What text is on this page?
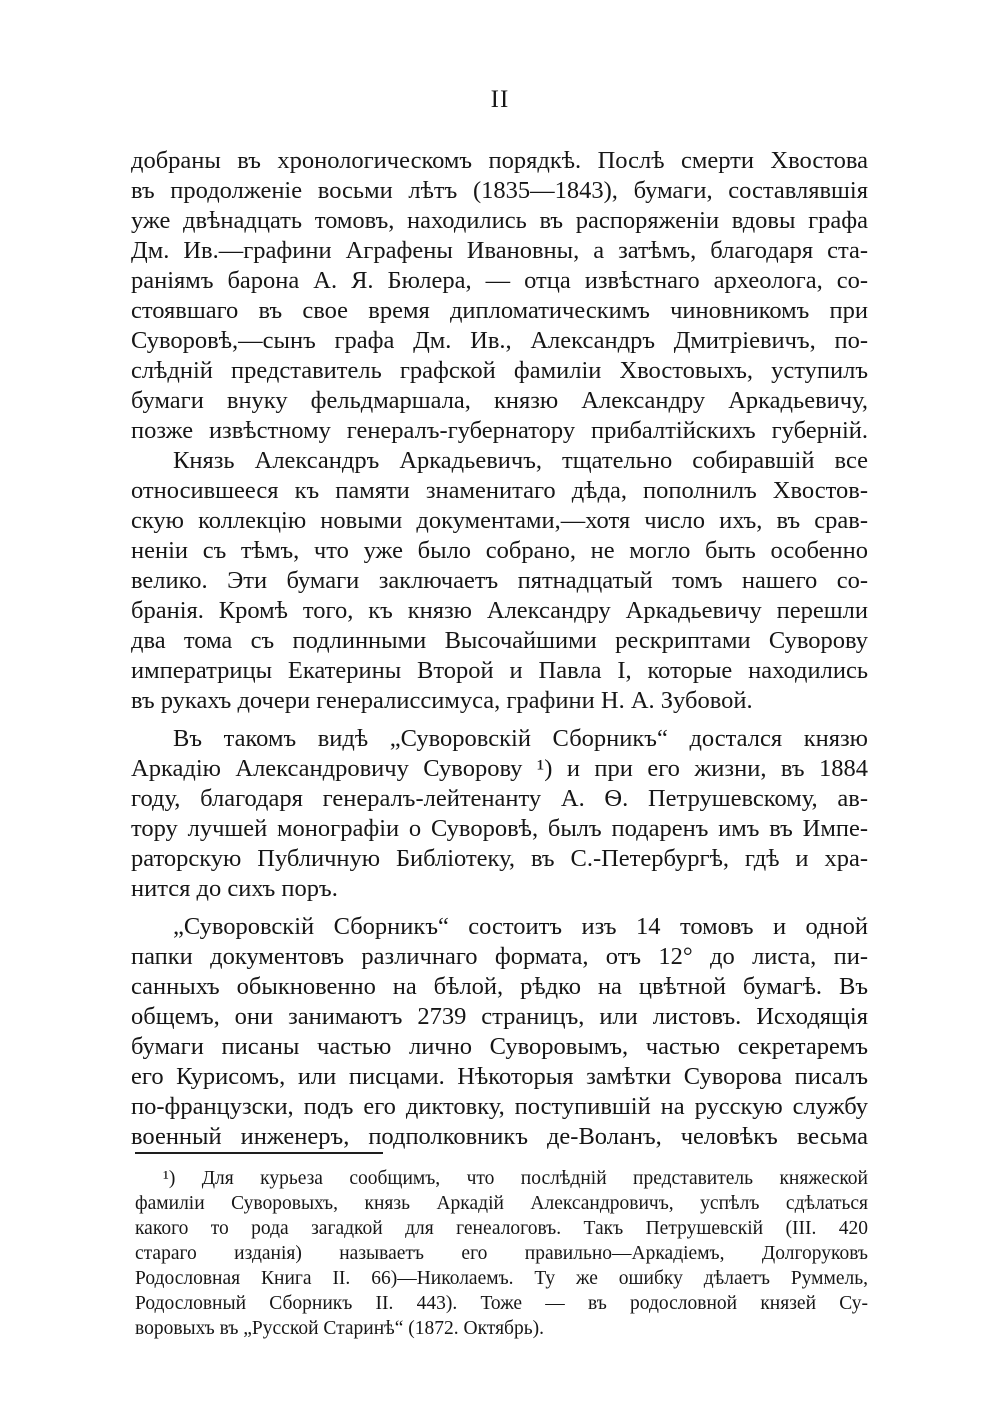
II
добраны въ хронологическомъ порядкѣ. Послѣ смерти Хвостова
въ продолженіе восьми лѣтъ (1835—1843), бумаги, составлявшія
уже двѣнадцать томовъ, находились въ распоряженіи вдовы графа
Дм. Ив.—графини Аграфены Ивановны, а затѣмъ, благодаря ста-
раніямъ барона А. Я. Бюлера, — отца извѣстнаго археолога, со-
стоявшаго въ свое время дипломатическимъ чиновникомъ при
Суворовѣ,—сынъ графа Дм. Ив., Александръ Дмитріевичъ, по-
слѣдній представитель графской фамиліи Хвостовыхъ, уступилъ
бумаги внуку фельдмаршала, князю Александру Аркадьевичу,
позже извѣстному генералъ-губернатору прибалтійскихъ губерній.
Князь Александръ Аркадьевичъ, тщательно собиравшій все
относившееся къ памяти знаменитаго дѣда, пополнилъ Хвостов-
скую коллекцію новыми документами,—хотя число ихъ, въ срав-
неніи съ тѣмъ, что уже было собрано, не могло быть особенно
велико. Эти бумаги заключаетъ пятнадцатый томъ нашего со-
бранія. Кромѣ того, къ князю Александру Аркадьевичу перешли
два тома съ подлинными Высочайшими рескриптами Суворову
императрицы Екатерины Второй и Павла I, которые находились
въ рукахъ дочери генералиссимуса, графини Н. А. Зубовой.
Въ такомъ видѣ „Суворовскій Сборникъ“ достался князю
Аркадію Александровичу Суворову ¹) и при его жизни, въ 1884
году, благодаря генералъ-лейтенанту А. Ѳ. Петрушевскому, ав-
тору лучшей монографіи о Суворовѣ, былъ подаренъ имъ въ Импе-
раторскую Публичную Библіотеку, въ С.-Петербургѣ, гдѣ и хра-
нится до сихъ поръ.
„Суворовскій Сборникъ“ состоитъ изъ 14 томовъ и одной
папки документовъ различнаго формата, отъ 12° до листа, пи-
санныхъ обыкновенно на бѣлой, рѣдко на цвѣтной бумагѣ. Въ
общемъ, они занимаютъ 2739 страницъ, или листовъ. Исходящія
бумаги писаны частью лично Суворовымъ, частью секретаремъ
его Курисомъ, или писцами. Нѣкоторыя замѣтки Суворова писалъ
по-французски, подъ его диктовку, поступившій на русскую службу
военный инженеръ, подполковникъ де-Воланъ, человѣкъ весьма
¹) Для курьеза сообщимъ, что послѣдній представитель княжеской
фамиліи Суворовыхъ, князь Аркадій Александровичъ, успѣлъ сдѣлаться
какого то рода загадкой для генеалоговъ. Такъ Петрушевскій (III. 420
стараго изданія) называетъ его правильно—Аркадіемъ, Долгоруковъ
Родословная Книга II. 66)—Николаемъ. Ту же ошибку дѣлаетъ Руммель,
Родословный Сборникъ II. 443). Тоже — въ родословной князей Су-
воровыхъ въ „Русской Старинѣ“ (1872. Октябрь).
